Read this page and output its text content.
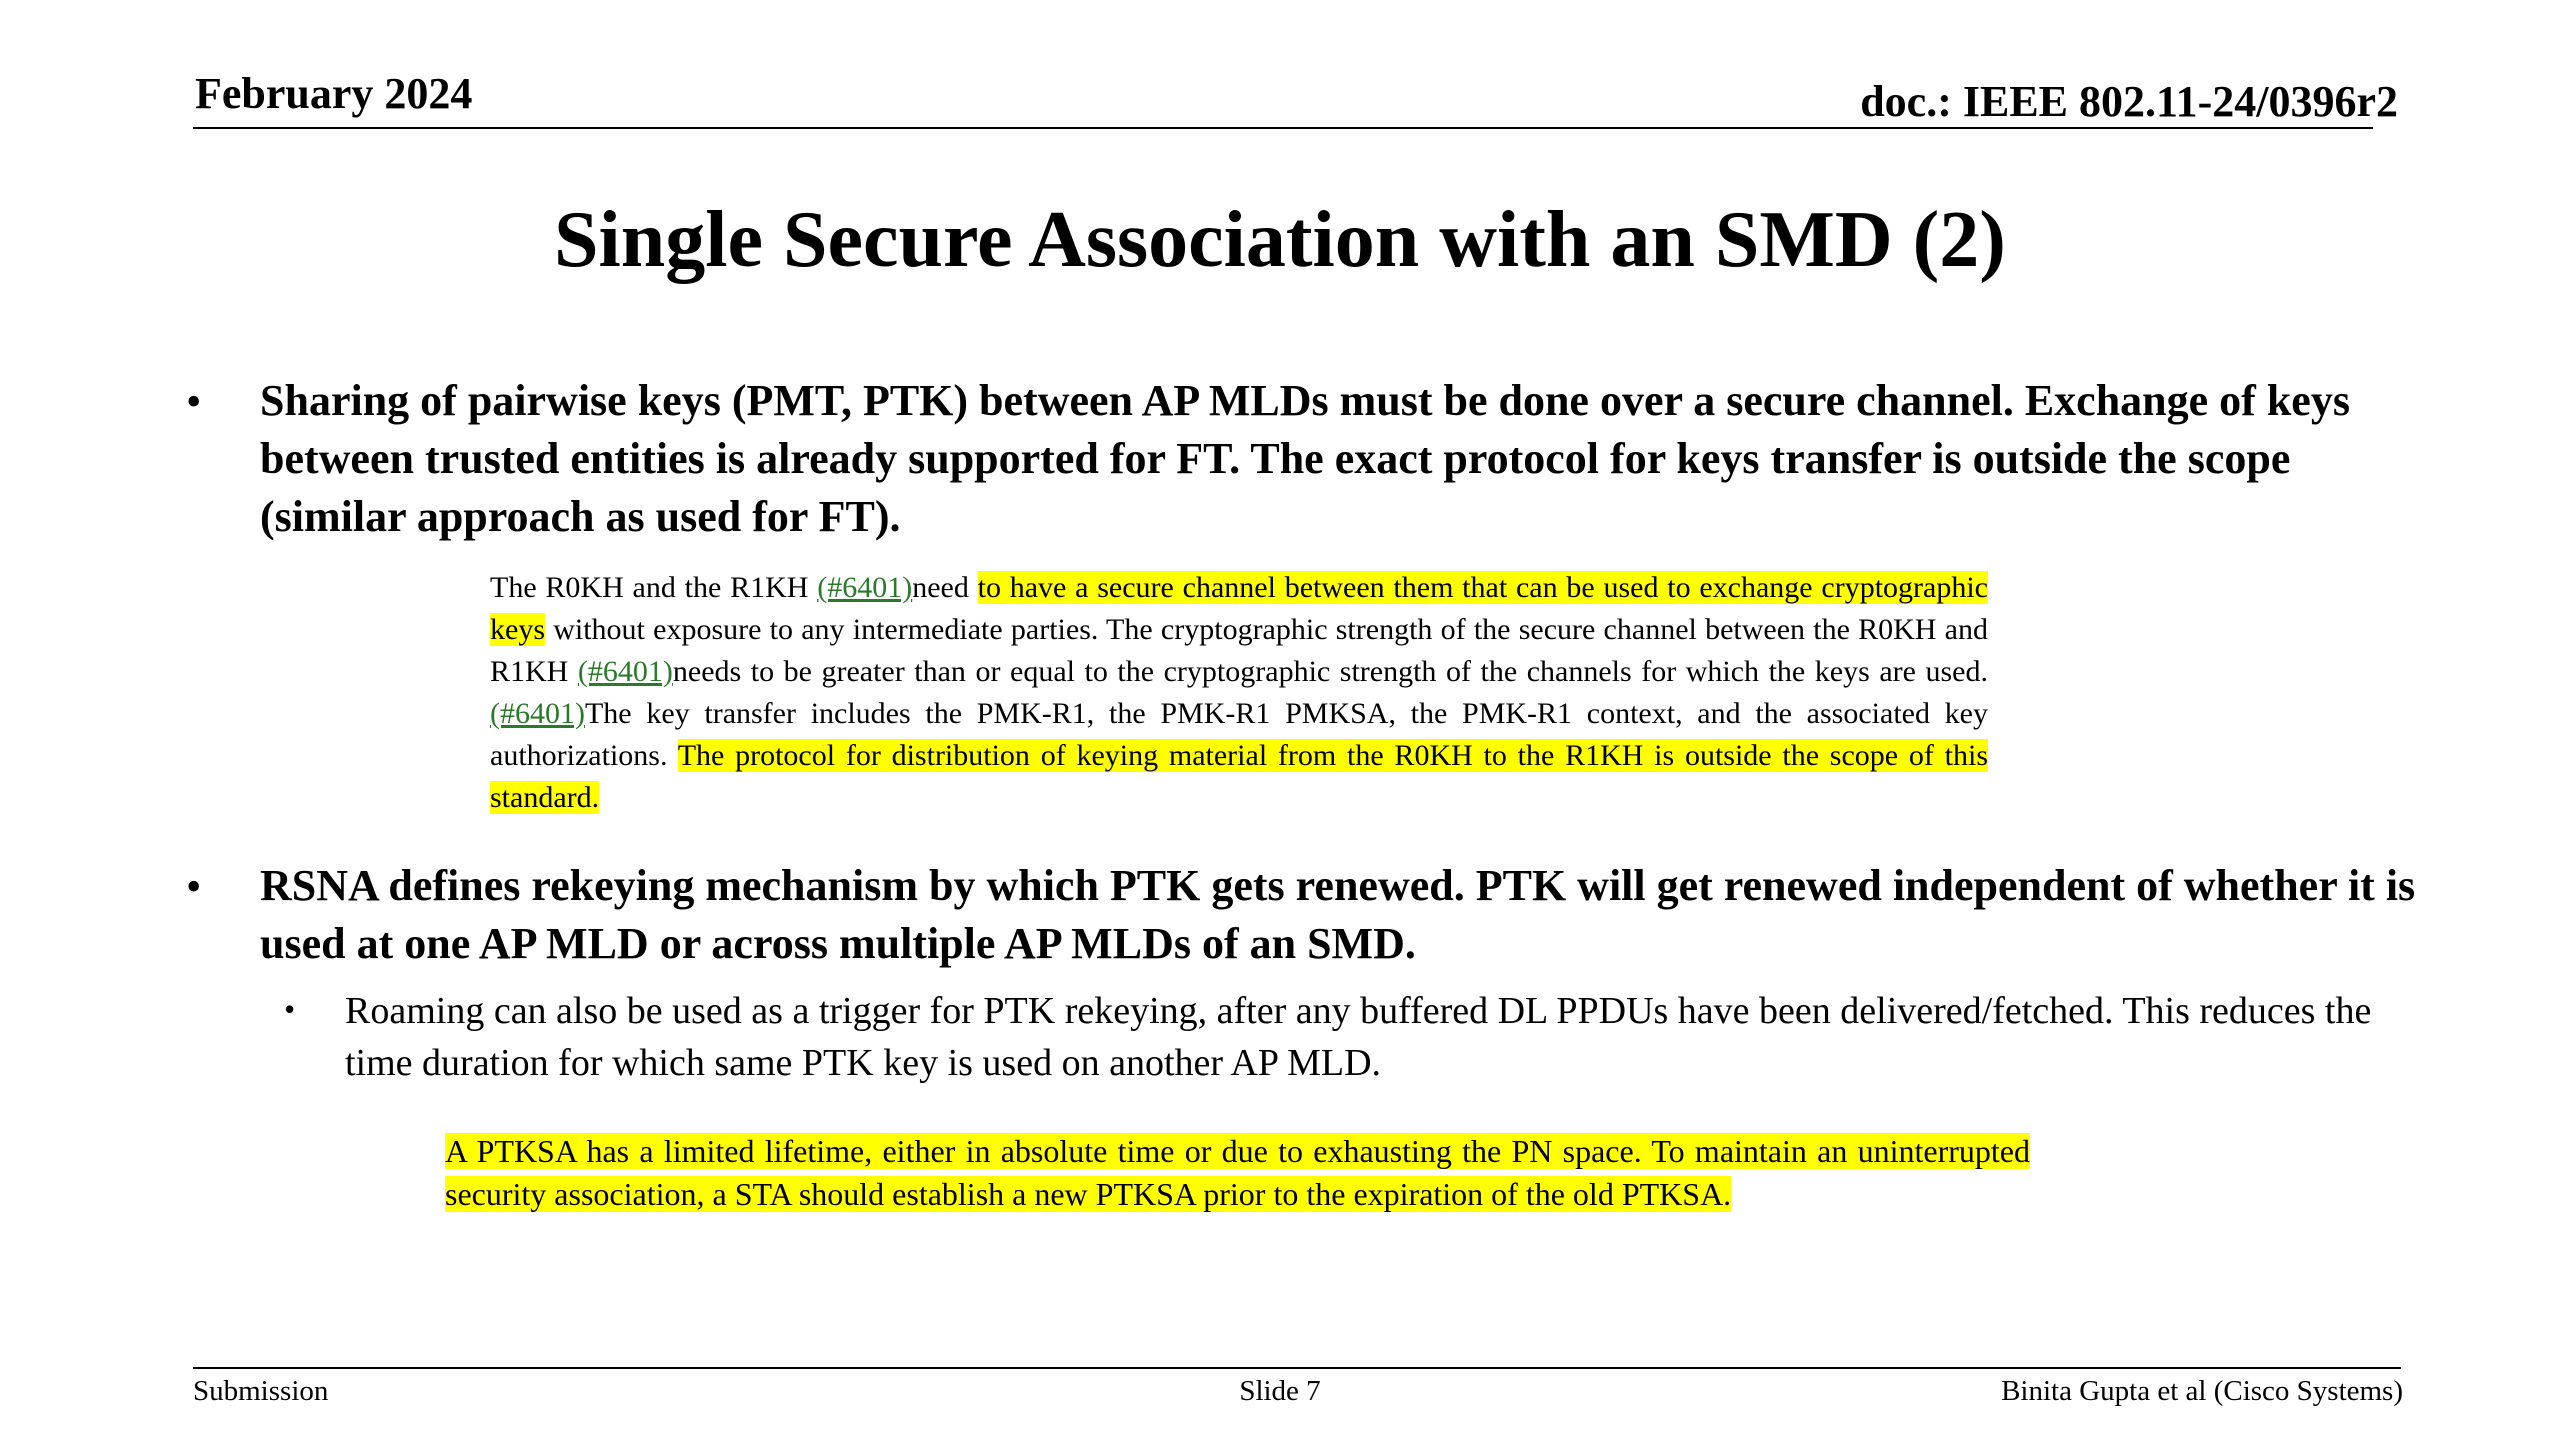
February 2024	doc.: IEEE 802.11-24/0396r2
Single Secure Association with an SMD (2)
• Sharing of pairwise keys (PMT, PTK) between AP MLDs must be done over a secure channel. Exchange of keys between trusted entities is already supported for FT. The exact protocol for keys transfer is outside the scope (similar approach as used for FT).
The R0KH and the R1KH (#6401)need to have a secure channel between them that can be used to exchange cryptographic keys without exposure to any intermediate parties. The cryptographic strength of the secure channel between the R0KH and R1KH (#6401)needs to be greater than or equal to the cryptographic strength of the channels for which the keys are used. (#6401)The key transfer includes the PMK-R1, the PMK-R1 PMKSA, the PMK-R1 context, and the associated key authorizations. The protocol for distribution of keying material from the R0KH to the R1KH is outside the scope of this standard.
• RSNA defines rekeying mechanism by which PTK gets renewed. PTK will get renewed independent of whether it is used at one AP MLD or across multiple AP MLDs of an SMD.
• Roaming can also be used as a trigger for PTK rekeying, after any buffered DL PPDUs have been delivered/fetched. This reduces the time duration for which same PTK key is used on another AP MLD.
A PTKSA has a limited lifetime, either in absolute time or due to exhausting the PN space. To maintain an uninterrupted security association, a STA should establish a new PTKSA prior to the expiration of the old PTKSA.
Submission	Slide 7	Binita Gupta et al (Cisco Systems)
